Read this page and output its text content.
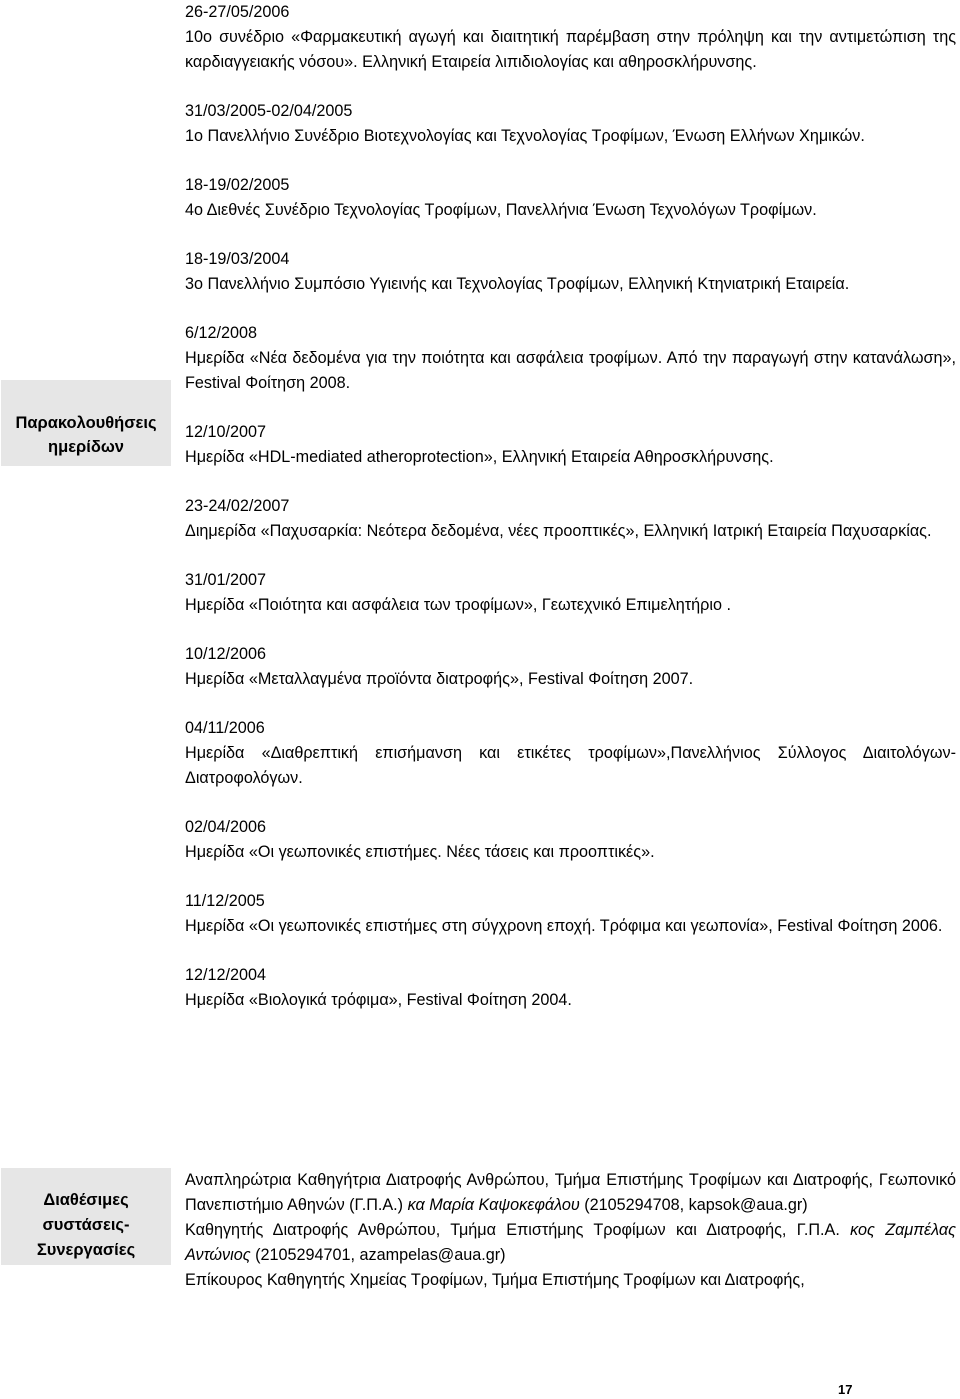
26-27/05/2006

10ο συνέδριο «Φαρμακευτική αγωγή και διαιτητική παρέμβαση στην πρόληψη και την αντιμετώπιση της καρδιαγγειακής νόσου». Ελληνική Εταιρεία λιπιδιολογίας και αθηροσκλήρυνσης.

31/03/2005-02/04/2005

1ο Πανελλήνιο Συνέδριο Βιοτεχνολογίας και Τεχνολογίας Τροφίμων, Ένωση Ελλήνων Χημικών.

18-19/02/2005

4ο Διεθνές Συνέδριο Τεχνολογίας Τροφίμων, Πανελλήνια Ένωση Τεχνολόγων Τροφίμων.

18-19/03/2004

3ο Πανελλήνιο Συμπόσιο Υγιεινής και Τεχνολογίας Τροφίμων, Ελληνική Κτηνιατρική Εταιρεία.

6/12/2008

Ημερίδα «Νέα δεδομένα για την ποιότητα και ασφάλεια τροφίμων. Από την παραγωγή στην κατανάλωση», Festival Φοίτηση 2008.

12/10/2007

Ημερίδα «HDL-mediated atheroprotection», Ελληνική Εταιρεία Αθηροσκλήρυνσης.

23-24/02/2007

Διημερίδα «Παχυσαρκία: Νεότερα δεδομένα, νέες προοπτικές», Ελληνική Ιατρική Εταιρεία Παχυσαρκίας.

31/01/2007

Ημερίδα «Ποιότητα και ασφάλεια των τροφίμων», Γεωτεχνικό Επιμελητήριο .

10/12/2006

Ημερίδα «Μεταλλαγμένα προϊόντα διατροφής», Festival Φοίτηση 2007.

04/11/2006

Ημερίδα «Διαθρεπτική επισήμανση και ετικέτες τροφίμων»,Πανελλήνιος Σύλλογος Διαιτολόγων-Διατροφολόγων.

02/04/2006

Ημερίδα «Οι γεωπονικές επιστήμες. Νέες τάσεις και προοπτικές».

11/12/2005

Ημερίδα «Οι γεωπονικές επιστήμες στη σύγχρονη εποχή. Τρόφιμα και γεωπονία», Festival Φοίτηση 2006.

12/12/2004

Ημερίδα «Βιολογικά τρόφιμα», Festival Φοίτηση 2004.

Παρακολουθήσεις
ημερίδων
Διαθέσιμες
συστάσεις-
Συνεργασίες

Αναπληρώτρια Καθηγήτρια Διατροφής Ανθρώπου, Τμήμα Επιστήμης Τροφίμων και Διατροφής, Γεωπονικό Πανεπιστήμιο Αθηνών (Γ.Π.Α.) κα Μαρία Καψοκεφάλου (2105294708, kapsok@aua.gr)

Καθηγητής Διατροφής Ανθρώπου, Τμήμα Επιστήμης Τροφίμων και Διατροφής, Γ.Π.Α. κος Ζαμπέλας Αντώνιος (2105294701, azampelas@aua.gr)

Επίκουρος Καθηγητής Χημείας Τροφίμων, Τμήμα Επιστήμης Τροφίμων και Διατροφής,

17
